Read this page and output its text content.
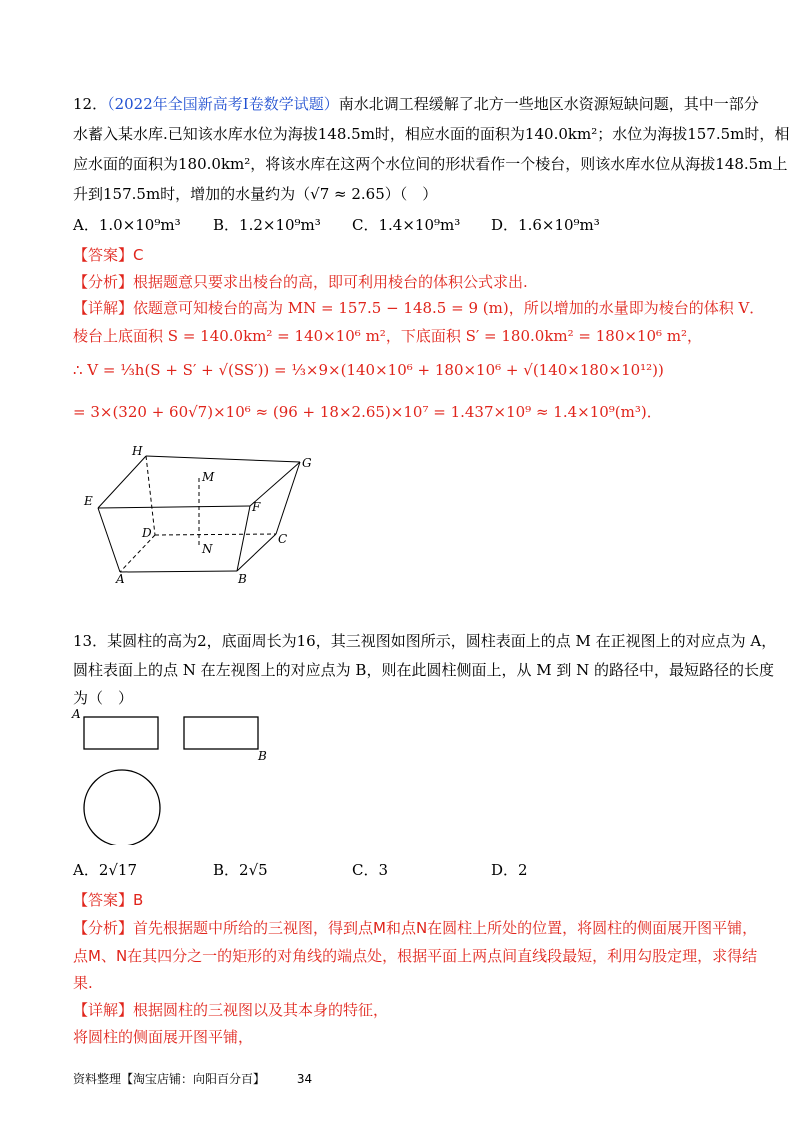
12．（2022年全国新高考I卷数学试题）南水北调工程缓解了北方一些地区水资源短缺问题，其中一部分
水蓄入某水库.已知该水库水位为海拔148.5m时，相应水面的面积为140.0km²；水位为海拔157.5m时，相
应水面的面积为180.0km²，将该水库在这两个水位间的形状看作一个棱台，则该水库水位从海拔148.5m上
升到157.5m时，增加的水量约为（√7 ≈ 2.65）（　）
A．1.0×10⁹m³ B．1.2×10⁹m³ C．1.4×10⁹m³ D．1.6×10⁹m³
【答案】C
【分析】根据题意只要求出棱台的高，即可利用棱台的体积公式求出.
【详解】依题意可知棱台的高为 MN = 157.5 − 148.5 = 9 (m)，所以增加的水量即为棱台的体积 V．
棱台上底面积 S = 140.0km² = 140×10⁶ m²，下底面积 S′ = 180.0km² = 180×10⁶ m²，
∴ V = ⅓h(S + S′ + √(SS′)) = ⅓×9×(140×10⁶ + 180×10⁶ + √(140×180×10¹²))
= 3×(320 + 60√7)×10⁶ ≈ (96 + 18×2.65)×10⁷ = 1.437×10⁹ ≈ 1.4×10⁹(m³)．
H
G
M
E	F
D	C
N
A	B
13．某圆柱的高为2，底面周长为16，其三视图如图所示，圆柱表面上的点 M 在正视图上的对应点为 A，
圆柱表面上的点 N 在左视图上的对应点为 B，则在此圆柱侧面上，从 M 到 N 的路径中，最短路径的长度
为（　）
A
B
A．2√17	B．2√5	C．3	D．2
【答案】B
【分析】首先根据题中所给的三视图，得到点M和点N在圆柱上所处的位置，将圆柱的侧面展开图平铺，
点M、N在其四分之一的矩形的对角线的端点处，根据平面上两点间直线段最短，利用勾股定理，求得结
果.
【详解】根据圆柱的三视图以及其本身的特征，
将圆柱的侧面展开图平铺，
资料整理【淘宝店铺：向阳百分百】	34
